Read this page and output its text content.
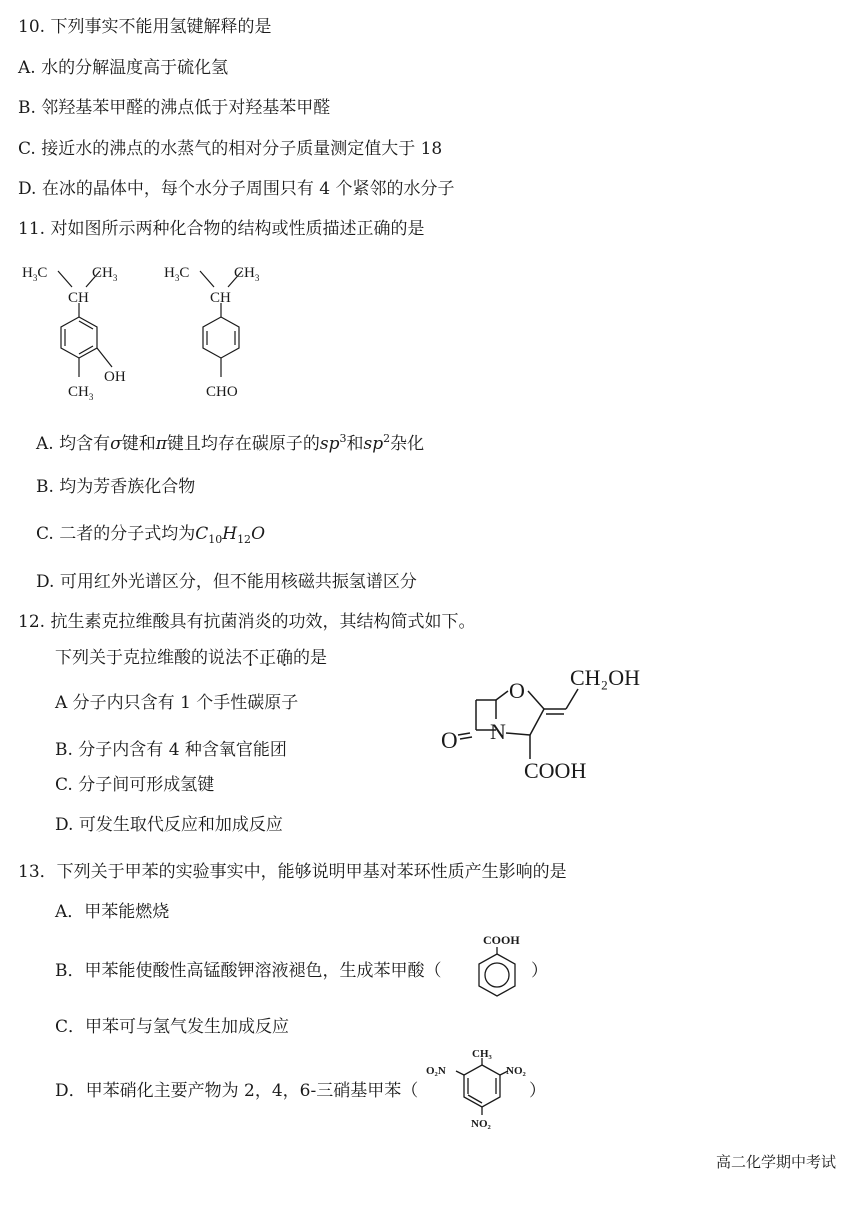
10. 下列事实不能用氢键解释的是
A. 水的分解温度高于硫化氢
B. 邻羟基苯甲醛的沸点低于对羟基苯甲醛
C. 接近水的沸点的水蒸气的相对分子质量测定值大于 18
D. 在冰的晶体中，每个水分子周围只有 4 个紧邻的水分子
11. 对如图所示两种化合物的结构或性质描述正确的是
$H_3C$	$CH_3$
CH
OH
$CH_3$
$H_3C$	$CH_3$
CH
CHO
A. 均含有σ键和π键且均存在碳原子的$sp^3$和$sp^2$杂化
B. 均为芳香族化合物
C. 二者的分子式均为$C_{10}H_{12}O$
D. 可用红外光谱区分，但不能用核磁共振氢谱区分
12. 抗生素克拉维酸具有抗菌消炎的功效，其结构简式如下。
下列关于克拉维酸的说法不正确的是
A 分子内只含有 1 个手性碳原子
B. 分子内含有 4 种含氧官能团
C. 分子间可形成氢键
D. 可发生取代反应和加成反应
O
O
N
CH₂OH
COOH
13．下列关于甲苯的实验事实中，能够说明甲基对苯环性质产生影响的是
A．甲苯能燃烧
B．甲苯能使酸性高锰酸钾溶液褪色，生成苯甲酸（	）
COOH
C．甲苯可与氢气发生加成反应
D．甲苯硝化主要产物为 2，4，6-三硝基甲苯（	）
CH₃
O₂N	NO₂
NO₂
高二化学期中考试
